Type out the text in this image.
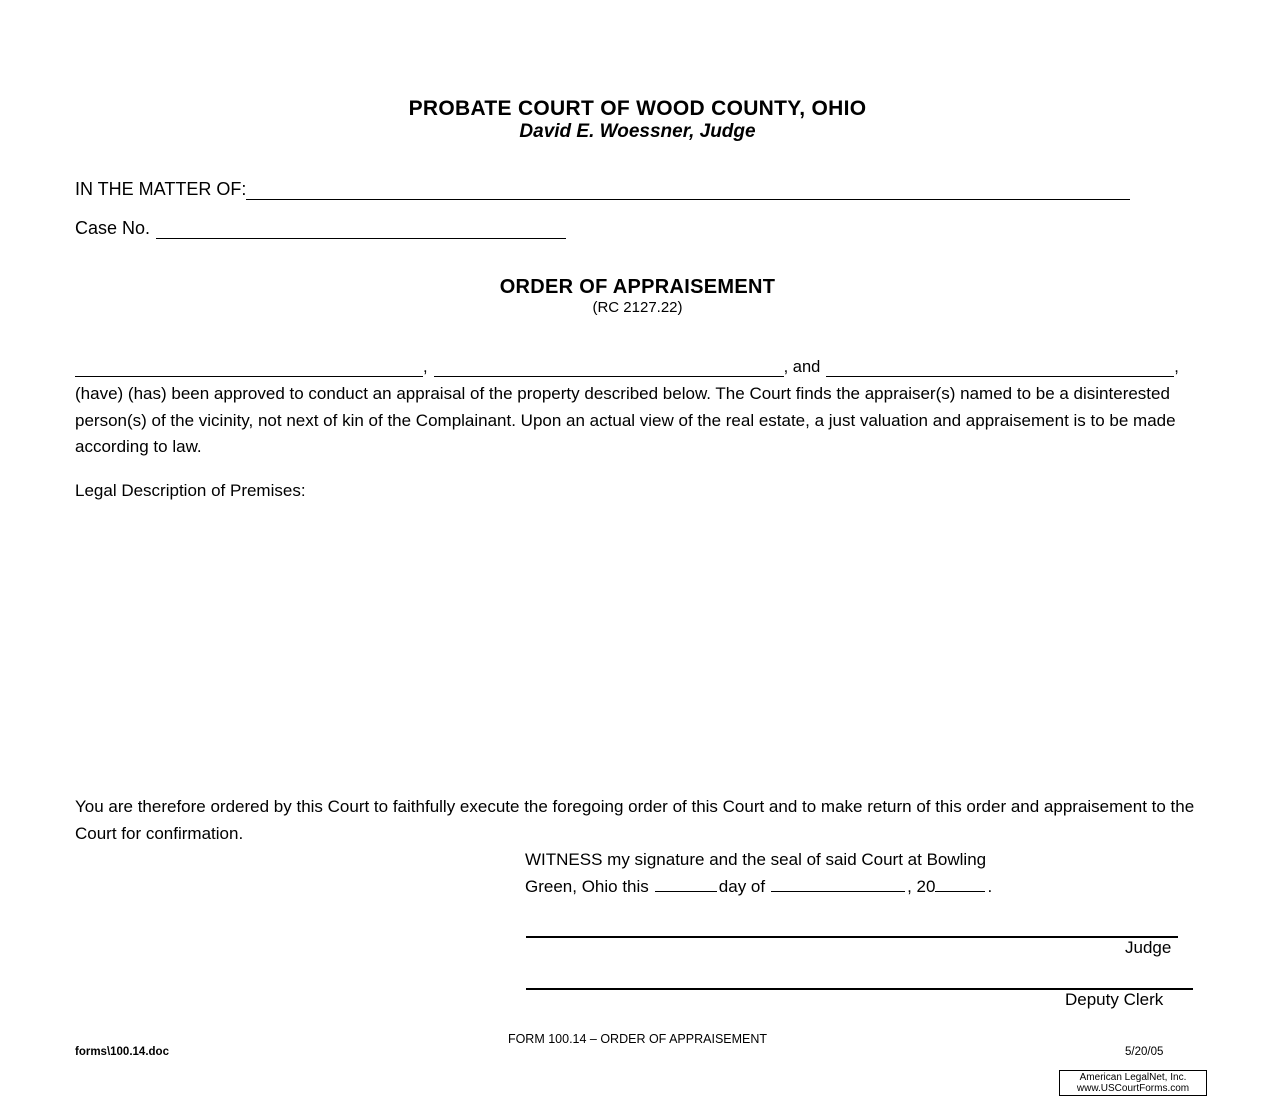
PROBATE COURT OF WOOD COUNTY, OHIO
David E. Woessner, Judge
IN THE MATTER OF:
Case No.
ORDER OF APPRAISEMENT
(RC 2127.22)
,	, and	,
(have) (has) been approved to conduct an appraisal of the property described below. The Court finds the appraiser(s) named to be a disinterested person(s) of the vicinity, not next of kin of the Complainant. Upon an actual view of the real estate, a just valuation and appraisement is to be made according to law.
Legal Description of Premises:
You are therefore ordered by this Court to faithfully execute the foregoing order of this Court and to make return of this order and appraisement to the Court for confirmation.
WITNESS my signature and the seal of said Court at Bowling
Green, Ohio this	day of	, 20	.
Judge
Deputy Clerk
FORM 100.14 – ORDER OF APPRAISEMENT
forms\100.14.doc	5/20/05
American LegalNet, Inc.
www.USCourtForms.com
